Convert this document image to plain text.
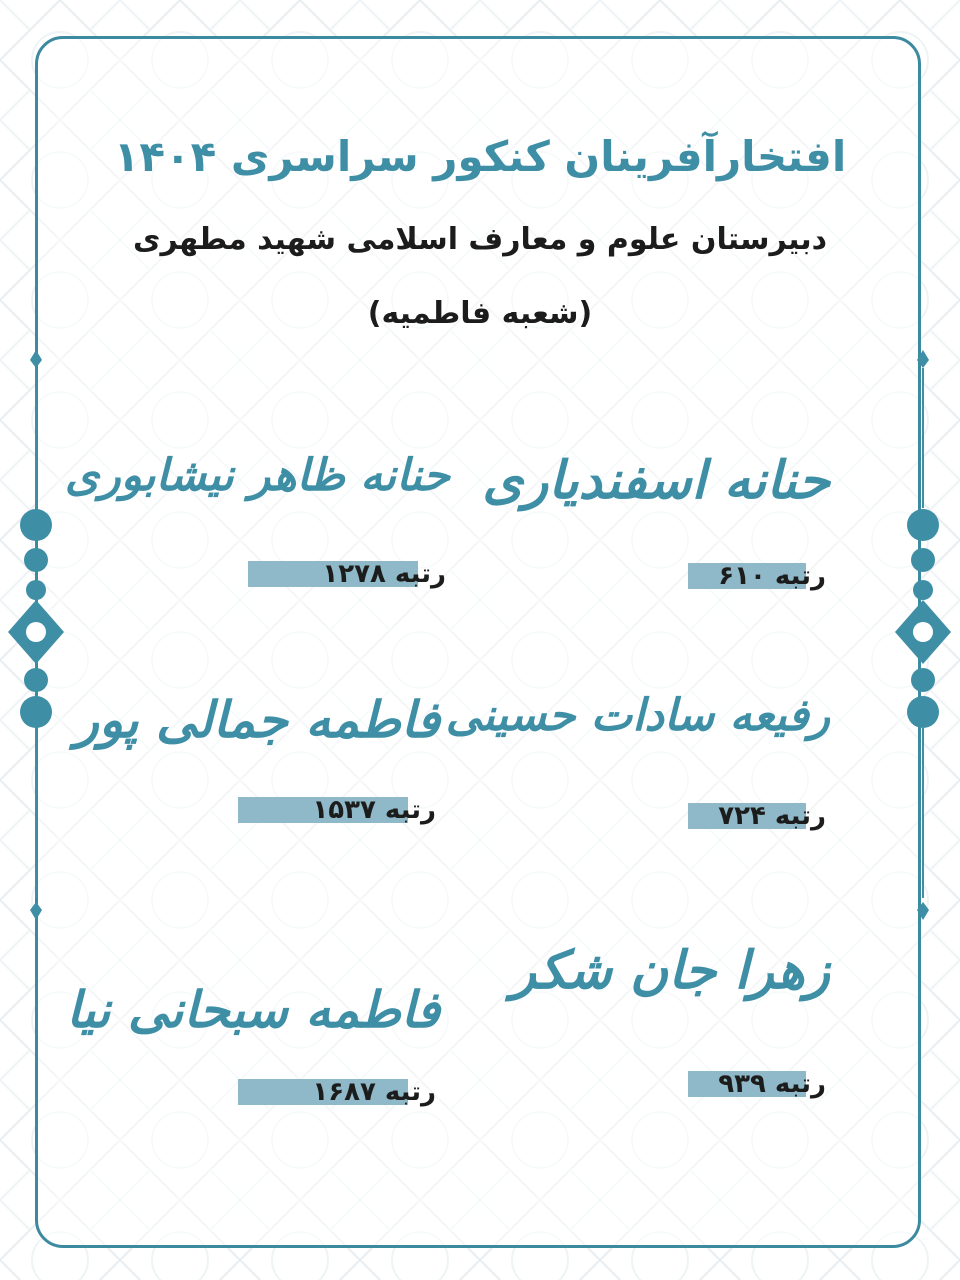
افتخارآفرینان کنکور سراسری ۱۴۰۴
دبیرستان علوم و معارف اسلامی شهید مطهری
(شعبه فاطمیه)
حنانه اسفندیاری
رتبه ۶۱۰
رفیعه سادات حسینی
رتبه ۷۲۴
زهرا جان شکر
رتبه ۹۳۹
حنانه ظاهر نیشابوری
رتبه ۱۲۷۸
فاطمه جمالی پور
رتبه ۱۵۳۷
فاطمه سبحانی نیا
رتبه ۱۶۸۷
